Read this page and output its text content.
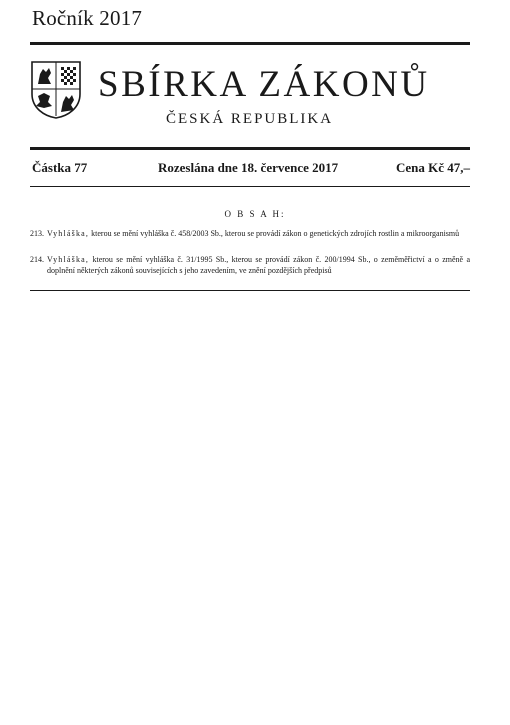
Ročník 2017
SBÍRKA ZÁKONŮ
ČESKÁ REPUBLIKA
Částka 77	Rozeslána dne 18. července 2017	Cena Kč 47,–
O B S A H:
213. Vyhláška, kterou se mění vyhláška č. 458/2003 Sb., kterou se provádí zákon o genetických zdrojích rostlin a mikroorganismů
214. Vyhláška, kterou se mění vyhláška č. 31/1995 Sb., kterou se provádí zákon č. 200/1994 Sb., o zeměměřictví a o změně a doplnění některých zákonů souvisejících s jeho zavedením, ve znění pozdějších předpisů
